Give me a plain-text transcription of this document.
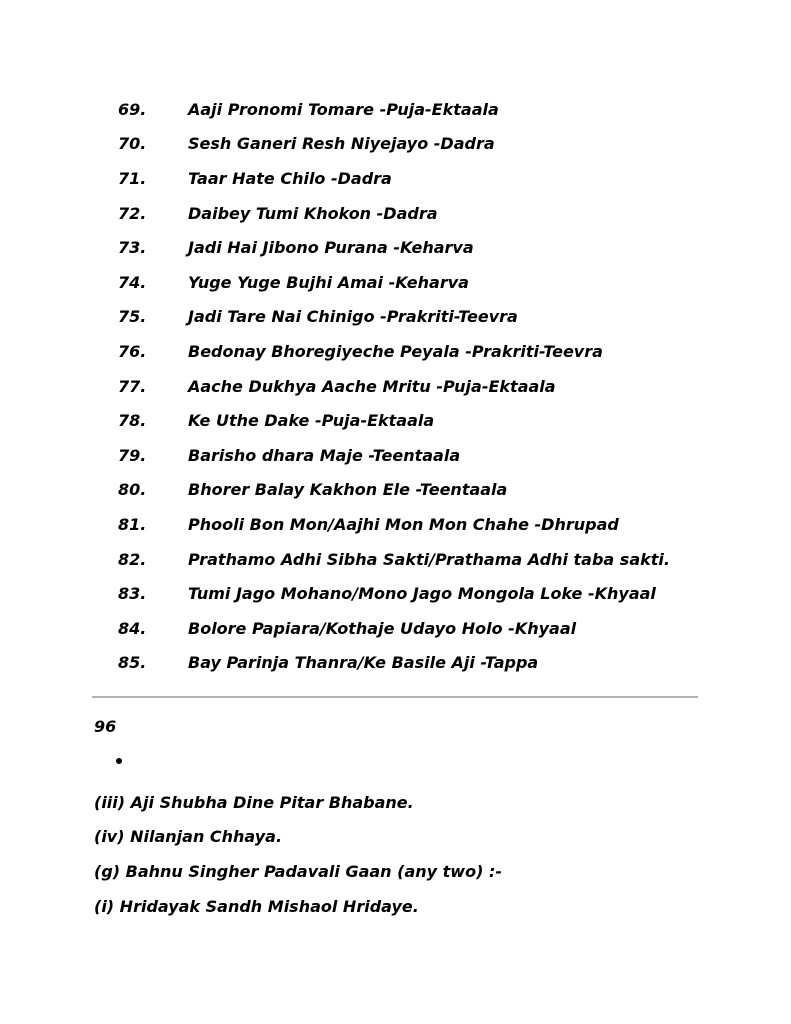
69.	Aaji Pronomi Tomare -Puja-Ektaala
70.	Sesh Ganeri Resh Niyejayo -Dadra
71.	Taar Hate Chilo -Dadra
72.	Daibey Tumi Khokon -Dadra
73.	Jadi Hai Jibono Purana -Keharva
74.	Yuge Yuge Bujhi Amai -Keharva
75.	Jadi Tare Nai Chinigo -Prakriti-Teevra
76.	Bedonay Bhoregiyeche Peyala -Prakriti-Teevra
77.	Aache Dukhya Aache Mritu -Puja-Ektaala
78.	Ke Uthe Dake -Puja-Ektaala
79.	Barisho dhara Maje -Teentaala
80.	Bhorer Balay Kakhon Ele -Teentaala
81.	Phooli Bon Mon/Aajhi Mon Mon Chahe -Dhrupad
82.	Prathamo Adhi Sibha Sakti/Prathama Adhi taba sakti.
83.	Tumi Jago Mohano/Mono Jago Mongola Loke -Khyaal
84.	Bolore Papiara/Kothaje Udayo Holo -Khyaal
85.	Bay Parinja Thanra/Ke Basile Aji -Tappa
96
(iii) Aji Shubha Dine Pitar Bhabane.
(iv) Nilanjan Chhaya.
(g) Bahnu Singher Padavali Gaan (any two) :-
(i) Hridayak Sandh Mishaol Hridaye.
